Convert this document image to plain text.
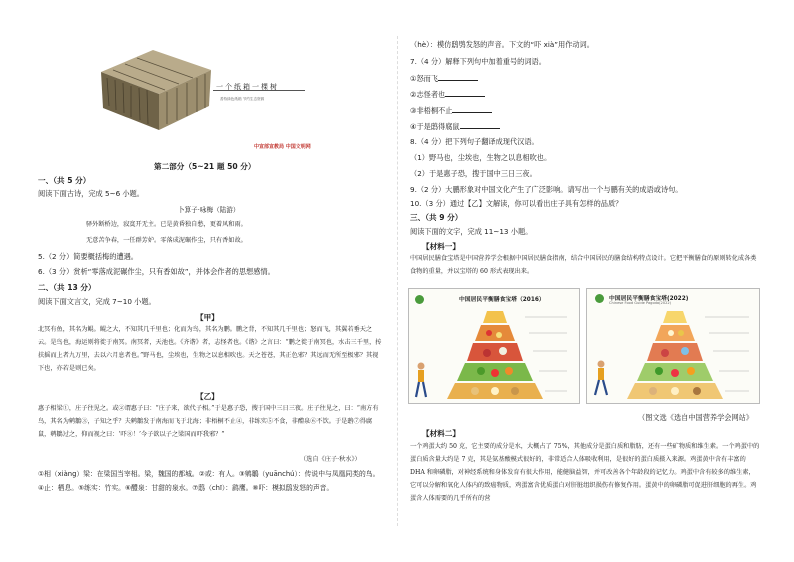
一个纸箱一棵树
善待绿色纸箱 节约生态资源
中宣部宣教局 中国文明网
第二部分（5~21 题 50 分）
一、（共 5 分）
阅读下面古诗，完成 5~6 小题。
卜算子·咏梅（陆游）
驿外断桥边，寂寞开无主。已是黄昏独自愁，更着风和雨。
无意苦争春，一任群芳妒。零落成泥碾作尘，只有香如故。
5.（2 分）简要概括梅的遭遇。
6.（3 分）赏析“零落成泥碾作尘，只有香如故”，并体会作者的思想感情。
二、（共 13 分）
阅读下面文言文，完成 7~10 小题。
【甲】
北冥有鱼，其名为鲲。鲲之大，不知其几千里也；化而为鸟，其名为鹏。鹏之背，不知其几千里也；怒而飞，其翼若垂天之云。是鸟也，海运则将徙于南冥。南冥者，天池也。《齐谐》者，志怪者也。《谐》之言曰：“鹏之徙于南冥也，水击三千里，抟扶摇而上者九万里，去以六月息者也。”野马也，尘埃也，生物之以息相吹也。天之苍苍，其正色邪？其远而无所至极邪？其视下也，亦若是则已矣。
【乙】
惠子相梁①，庄子往见之。或②谓惠子曰：“庄子来，欲代子相。”于是惠子恐，搜于国中三日三夜。庄子往见之，曰：“南方有鸟，其名为鹓鶵③，子知之乎？夫鹓鶵发于南海而飞于北海；非梧桐不止④，非练实⑤不食，非醴泉⑥不饮。于是鸱⑦得腐鼠，鹓鶵过之，仰而视之曰：‘吓⑧！’今子欲以子之梁国而吓我邪？”
（选自《庄子·秋水》）
①相（xiàng）梁：在梁国当宰相。梁，魏国的都城。②或：有人。③鹓鶵（yuānchú）：传说中与凤凰同类的鸟。④止：栖息。⑤练实：竹实。⑥醴泉：甘甜的泉水。⑦鸱（chī）：鹞鹰。⑧吓：模拟鸱发怒的声音。
（hè）：模仿鸱鸮发怒的声音。下文的“吓 xià”用作动词。
7.（4 分）解释下列句中加着重号的词语。
①怒而飞
②志怪者也
③非梧桐不止
④于是鸱得腐鼠
8.（4 分）把下列句子翻译成现代汉语。
（1）野马也，尘埃也，生物之以息相吹也。
（2）于是惠子恐，搜于国中三日三夜。
9.（2 分）大鹏形象对中国文化产生了广泛影响。请写出一个与鹏有关的成语或诗句。
10.（3 分）通过【乙】文解读，你可以看出庄子具有怎样的品质？
三、（共 9 分）
阅读下面的文字，完成 11~13 小题。
【材料一】
中国居民膳食宝塔是中国营养学会根据中国居民膳食指南，结合中国居民的膳食结构特点设计。它把平衡膳食的原则转化成各类食物的重量，并以宝塔的 60 形式表现出来。
中国居民平衡膳食宝塔（2016）	中国居民平衡膳食宝塔(2022)
Chinese Food Guide Pagoda(2022)
（图文选《选自中国营养学会网站》
【材料二】
一个鸡蛋大约 50 克，它主要的成分是水，大概占了 75%，其他成分是蛋白质和脂肪，还有一些矿物质和维生素。一个鸡蛋中的蛋白质含量大约是 7 克，其是氨基酸模式很好的，非常适合人体吸收利用，是很好的蛋白质摄入来源。鸡蛋黄中含有丰富的 DHA 和卵磷脂，对神经系统和身体发育有很大作用，能健脑益智，并可改善各个年龄段的记忆力。鸡蛋中含有较多的维生素，它可以分解和氧化人体内的致癌物质，鸡蛋富含优质蛋白对肝脏组织损伤有修复作用。蛋黄中的卵磷脂可促进肝细胞的再生。鸡蛋含人体需要的几乎所有的营
